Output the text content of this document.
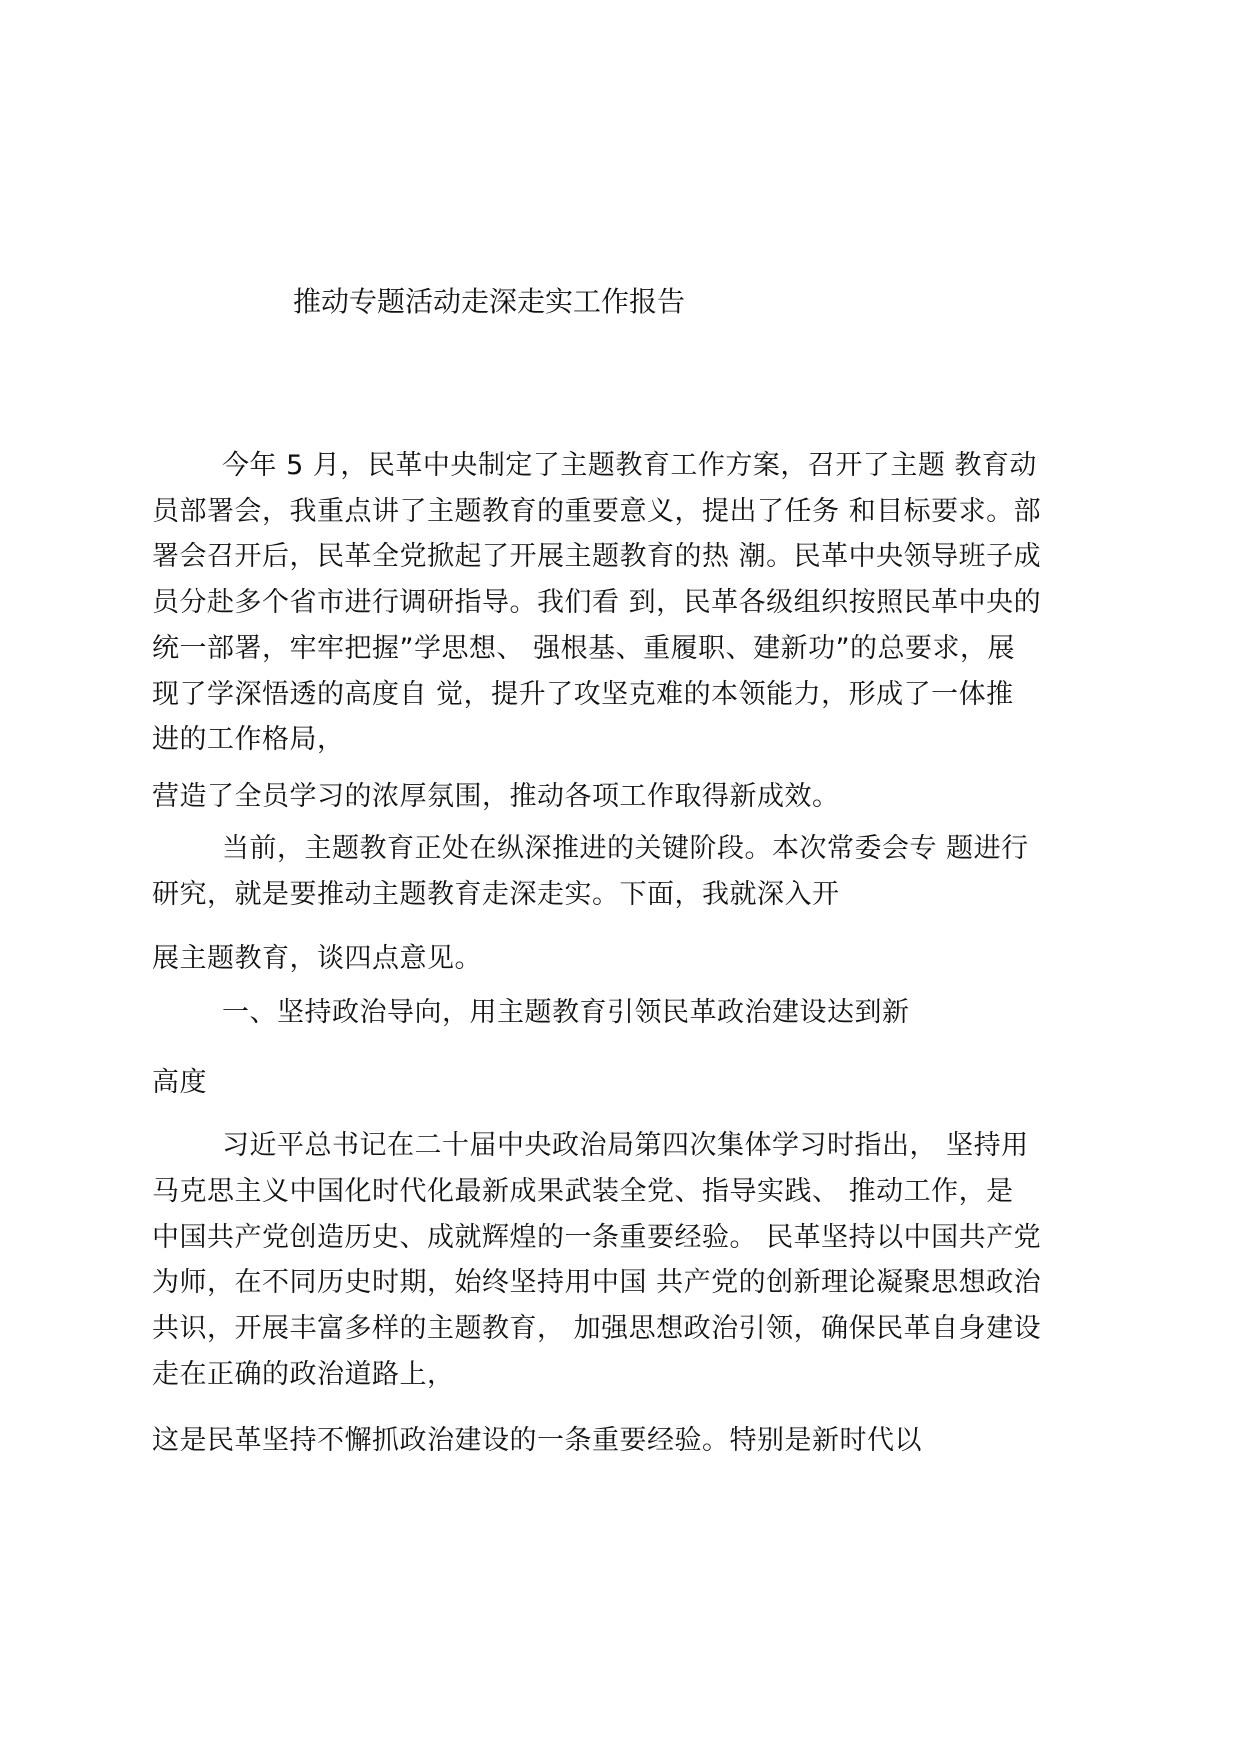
推动专题活动走深走实工作报告
今年 5 月，民革中央制定了主题教育工作方案，召开了主题 教育动
员部署会，我重点讲了主题教育的重要意义，提出了任务 和目标要求。部
署会召开后，民革全党掀起了开展主题教育的热 潮。民革中央领导班子成
员分赴多个省市进行调研指导。我们看 到，民革各级组织按照民革中央的
统一部署，牢牢把握”学思想、 强根基、重履职、建新功”的总要求，展
现了学深悟透的高度自 觉，提升了攻坚克难的本领能力，形成了一体推
进的工作格局，
营造了全员学习的浓厚氛围，推动各项工作取得新成效。
当前，主题教育正处在纵深推进的关键阶段。本次常委会专 题进行
研究，就是要推动主题教育走深走实。下面，我就深入开
展主题教育，谈四点意见。
一、坚持政治导向，用主题教育引领民革政治建设达到新
高度
习近平总书记在二十届中央政治局第四次集体学习时指出， 坚持用
马克思主义中国化时代化最新成果武装全党、指导实践、 推动工作，是
中国共产党创造历史、成就辉煌的一条重要经验。 民革坚持以中国共产党
为师，在不同历史时期，始终坚持用中国 共产党的创新理论凝聚思想政治
共识，开展丰富多样的主题教育， 加强思想政治引领，确保民革自身建设
走在正确的政治道路上，
这是民革坚持不懈抓政治建设的一条重要经验。特别是新时代以
